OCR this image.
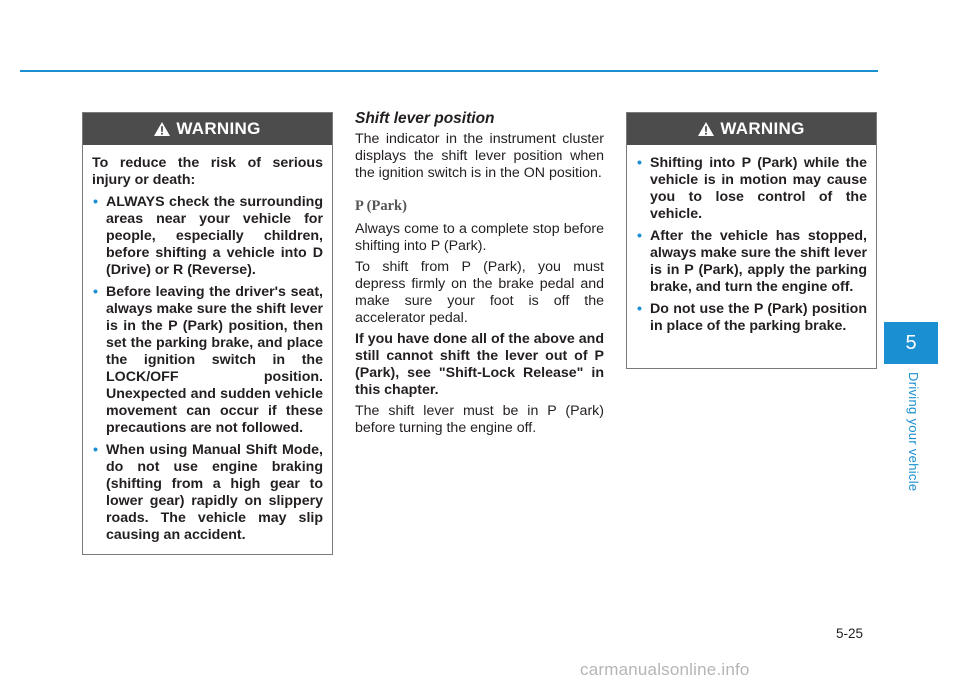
WARNING

To reduce the risk of serious injury or death:

• ALWAYS check the surrounding areas near your vehicle for people, especially children, before shifting a vehicle into D (Drive) or R (Reverse).
• Before leaving the driver's seat, always make sure the shift lever is in the P (Park) position, then set the parking brake, and place the ignition switch in the LOCK/OFF position. Unexpected and sudden vehicle movement can occur if these precautions are not followed.
• When using Manual Shift Mode, do not use engine braking (shifting from a high gear to lower gear) rapidly on slippery roads. The vehicle may slip causing an accident.
Shift lever position

The indicator in the instrument cluster displays the shift lever position when the ignition switch is in the ON position.

P (Park)

Always come to a complete stop before shifting into P (Park).

To shift from P (Park), you must depress firmly on the brake pedal and make sure your foot is off the accelerator pedal.

If you have done all of the above and still cannot shift the lever out of P (Park), see "Shift-Lock Release" in this chapter.

The shift lever must be in P (Park) before turning the engine off.

WARNING
• Shifting into P (Park) while the vehicle is in motion may cause you to lose control of the vehicle.
• After the vehicle has stopped, always make sure the shift lever is in P (Park), apply the parking brake, and turn the engine off.
• Do not use the P (Park) position in place of the parking brake.
5
Driving your vehicle
5-25
carmanualsonline.info
